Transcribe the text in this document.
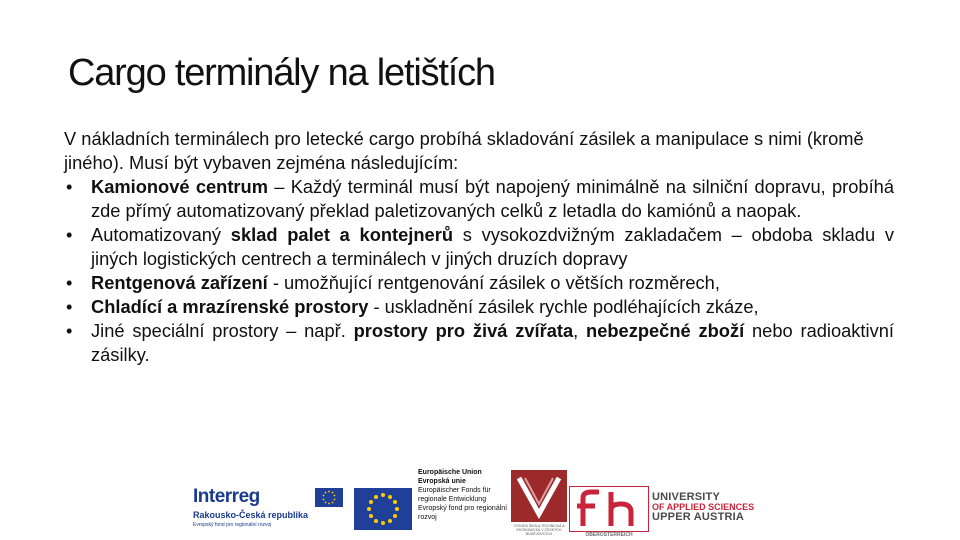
Cargo terminály na letištích

V nákladních terminálech pro letecké cargo probíhá skladování zásilek a manipulace s nimi (kromě jiného). Musí být vybaven zejména následujícím:

• Kamionové centrum – Každý terminál musí být napojený minimálně na silniční dopravu, probíhá zde přímý automatizovaný překlad paletizovaných celků z letadla do kamiónů a naopak.
• Automatizovaný sklad palet a kontejnerů s vysokozdvižným zakladačem – obdoba skladu v jiných logistických centrech a terminálech v jiných druzích dopravy
• Rentgenová zařízení - umožňující rentgenování zásilek o větších rozměrech,
• Chladící a mrazírenské prostory - uskladnění zásilek rychle podléhajících zkáze,
• Jiné speciální prostory – např. prostory pro živá zvířata, nebezpečné zboží nebo radioaktivní zásilky.
Interreg
Rakousko-Česká republika
Evropský fond pro regionální rozvoj
Europäische Union
Evropská unie
Europäischer Fonds für regionale Entwicklung
Evropský fond pro regionální rozvoj
VYSOKÁ ŠKOLA TECHNICKÁ A EKONOMICKÁ V ČESKÝCH BUDĚJOVICÍCH	OBERÖSTERREICH
UNIVERSITY
OF APPLIED SCIENCES
UPPER AUSTRIA
